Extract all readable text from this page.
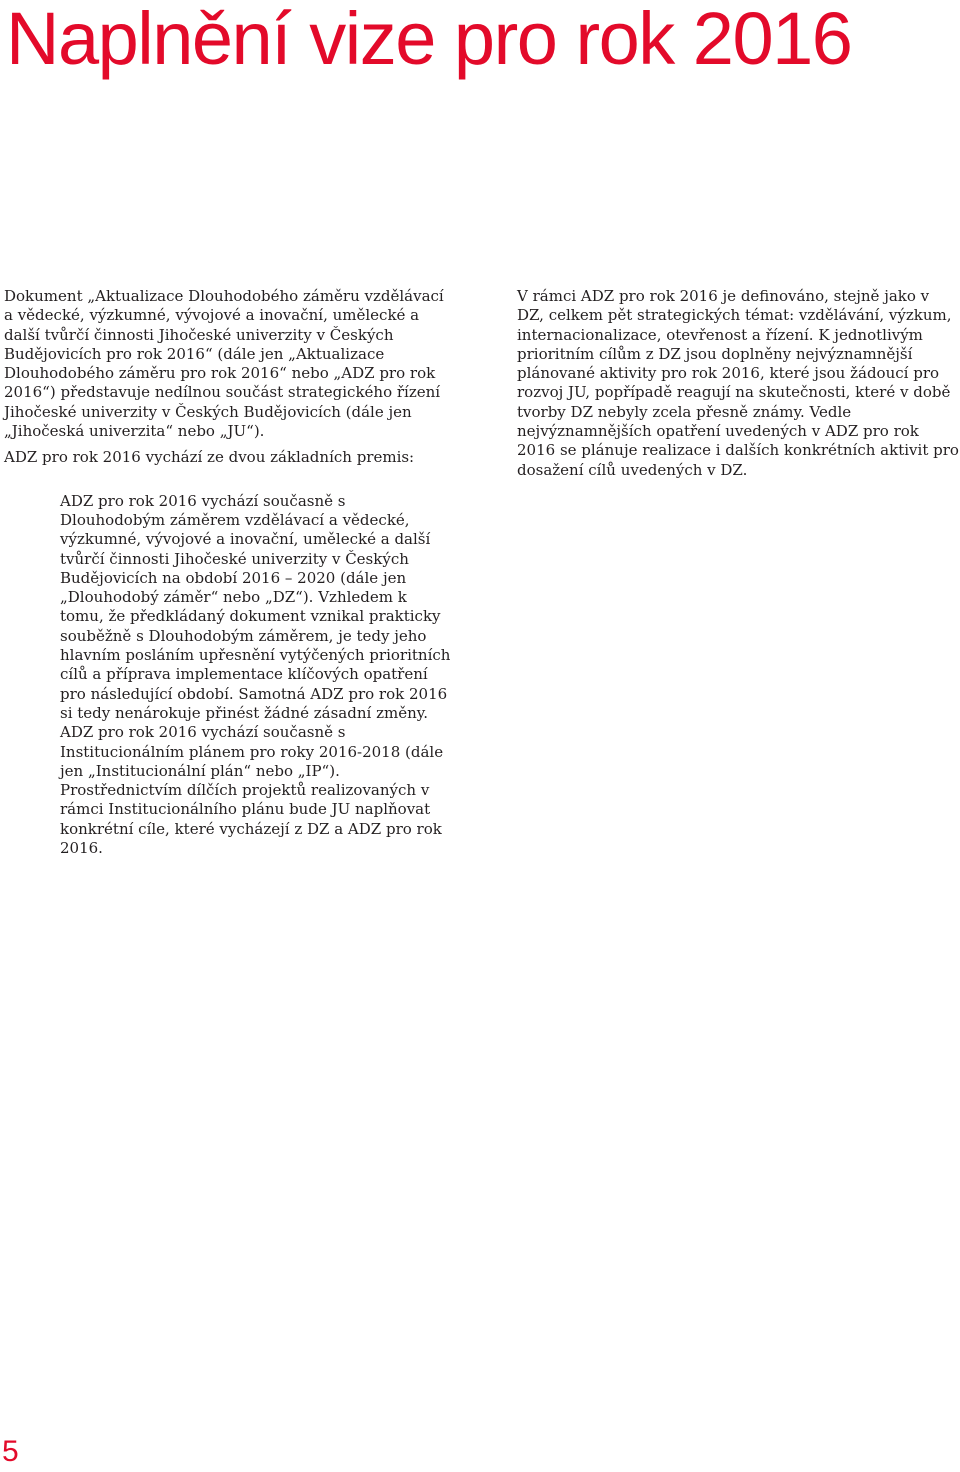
Naplnění vize pro rok 2016

Dokument „Aktualizace Dlouhodobého záměru vzdělávací a vědecké, výzkumné, vývojové a inovační, umělecké a další tvůrčí činnosti Jihočeské univerzity v Českých Budějovicích pro rok 2016“ (dále jen „Aktualizace Dlouhodobého záměru pro rok 2016“ nebo „ADZ pro rok 2016“) představuje nedílnou součást strategického řízení Jihočeské univerzity v Českých Budějovicích (dále jen „Jihočeská univerzita“ nebo „JU“).

ADZ pro rok 2016 vychází ze dvou základních premis:

ADZ pro rok 2016 vychází současně s Dlouhodobým záměrem vzdělávací a vědecké, výzkumné, vývojové a inovační, umělecké a další tvůrčí činnosti Jihočeské univerzity v Českých Budějovicích na období 2016 – 2020 (dále jen „Dlouhodobý záměr“ nebo „DZ“). Vzhledem k tomu, že předkládaný dokument vznikal prakticky souběžně s Dlouhodobým záměrem, je tedy jeho hlavním posláním upřesnění vytýčených prioritních cílů a příprava implementace klíčových opatření pro následující období. Samotná ADZ pro rok 2016 si tedy nenárokuje přinést žádné zásadní změny.

ADZ pro rok 2016 vychází současně s Institucionálním plánem pro roky 2016-2018 (dále jen „Institucionální plán“ nebo „IP“). Prostřednictvím dílčích projektů realizovaných v rámci Institucionálního plánu bude JU naplňovat konkrétní cíle, které vycházejí z DZ a ADZ pro rok 2016.

V rámci ADZ pro rok 2016 je definováno, stejně jako v DZ, celkem pět strategických témat: vzdělávání, výzkum, internacionalizace, otevřenost a řízení. K jednotlivým prioritním cílům z DZ jsou doplněny nejvýznamnější plánované aktivity pro rok 2016, které jsou žádoucí pro rozvoj JU, popřípadě reagují na skutečnosti, které v době tvorby DZ nebyly zcela přesně známy. Vedle nejvýznamnějších opatření uvedených v ADZ pro rok 2016 se plánuje realizace i dalších konkrétních aktivit pro dosažení cílů uvedených v DZ.

5
